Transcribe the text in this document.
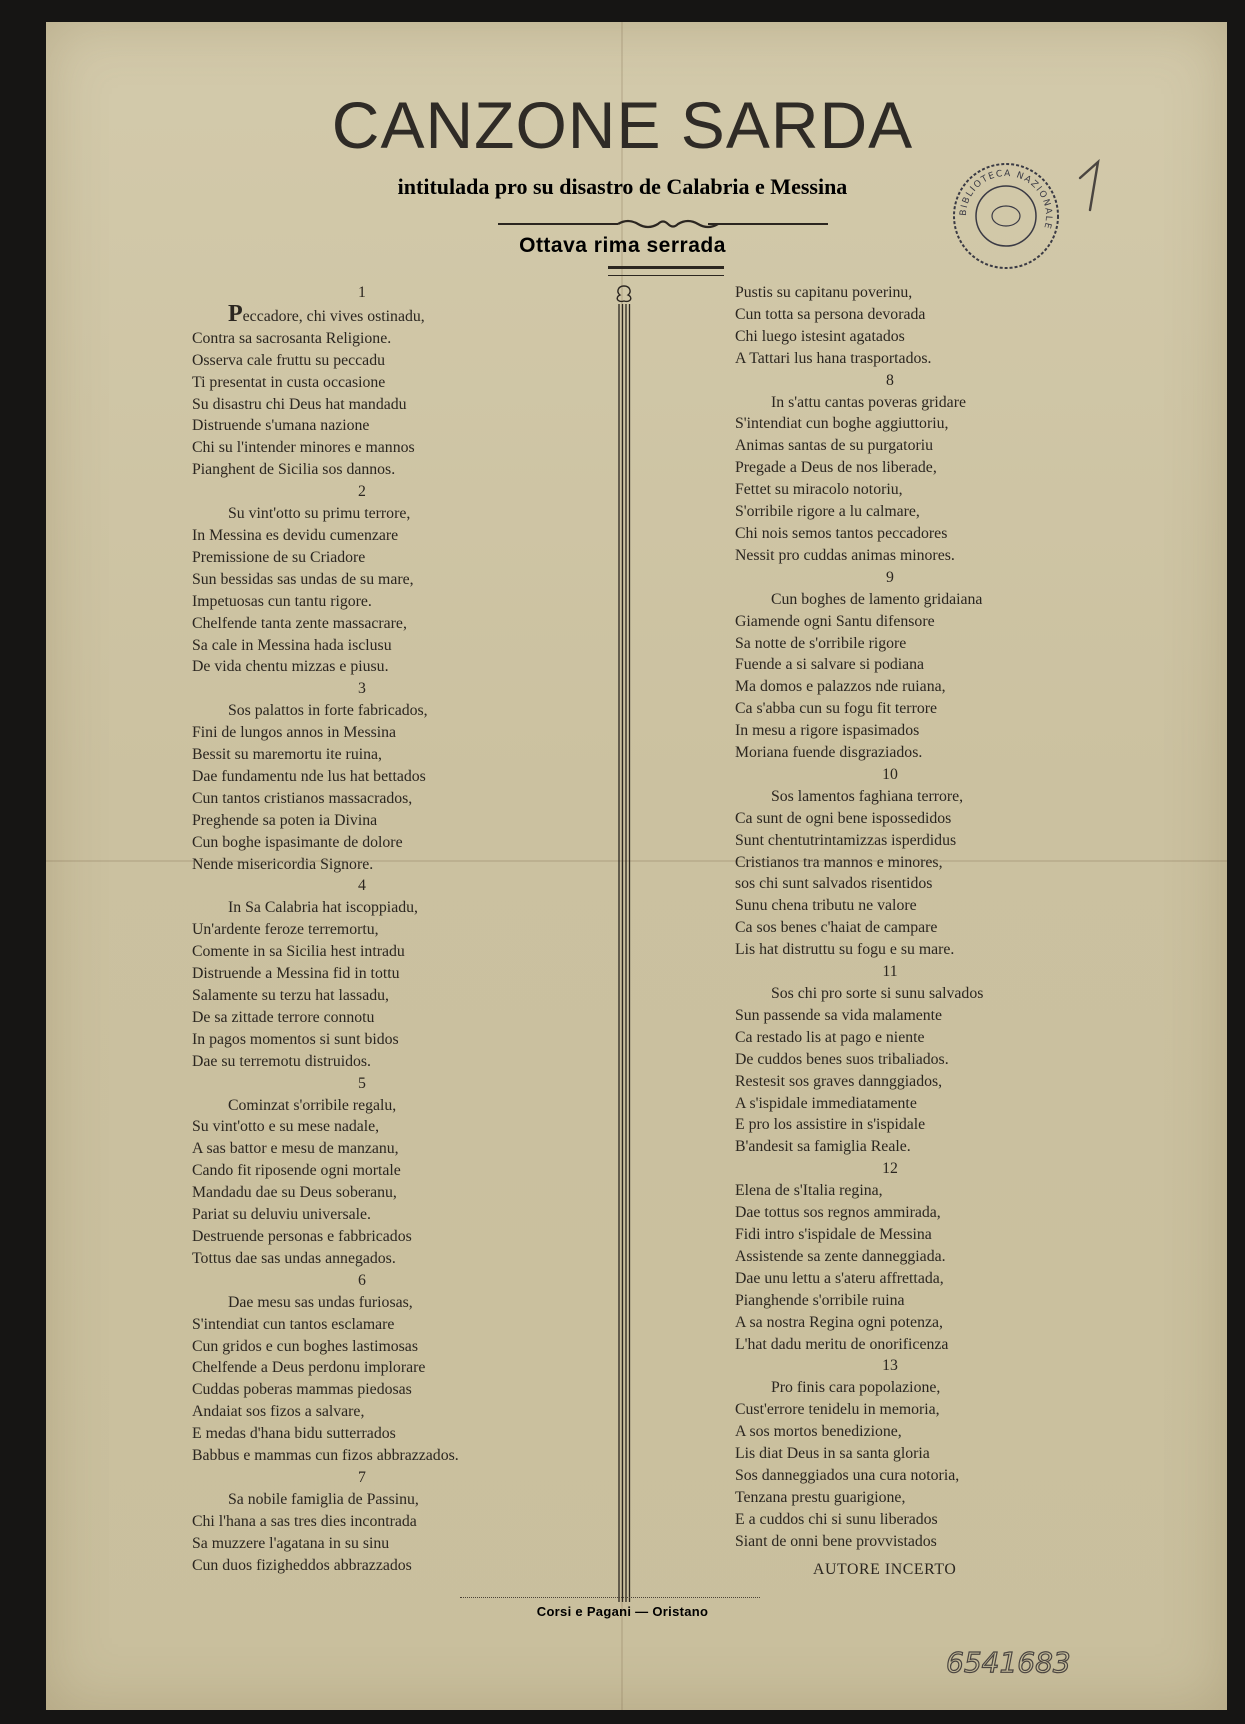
CANZONE SARDA
intitulada pro su disastro de Calabria e Messina
Ottava rima serrada
1
Peccadore, chi vives ostinadu,
Contra sa sacrosanta Religione.
Osserva cale fruttu su peccadu
Ti presentat in custa occasione
Su disastru chi Deus hat mandadu
Distruende s'umana nazione
Chi su l'intender minores e mannos
Pianghent de Sicilia sos dannos.
2
Su vint'otto su primu terrore,
In Messina es devidu cumenzare
Premissione de su Criadore
Sun bessidas sas undas de su mare,
Impetuosas cun tantu rigore.
Chelfende tanta zente massacrare,
Sa cale in Messina hada isclusu
De vida chentu mizzas e piusu.
3
Sos palattos in forte fabricados,
Fini de lungos annos in Messina
Bessit su maremortu ite ruina,
Dae fundamentu nde lus hat bettados
Cun tantos cristianos massacrados,
Preghende sa poten ia Divina
Cun boghe ispasimante de dolore
Nende misericordia Signore.
4
In Sa Calabria hat iscoppiadu,
Un'ardente feroze terremortu,
Comente in sa Sicilia hest intradu
Distruende a Messina fid in tottu
Salamente su terzu hat lassadu,
De sa zittade terrore connotu
In pagos momentos si sunt bidos
Dae su terremotu distruidos.
5
Cominzat s'orribile regalu,
Su vint'otto e su mese nadale,
A sas battor e mesu de manzanu,
Cando fit riposende ogni mortale
Mandadu dae su Deus soberanu,
Pariat su deluviu universale.
Destruende personas e fabbricados
Tottus dae sas undas annegados.
6
Dae mesu sas undas furiosas,
S'intendiat cun tantos esclamare
Cun gridos e cun boghes lastimosas
Chelfende a Deus perdonu implorare
Cuddas poberas mammas piedosas
Andaiat sos fizos a salvare,
E medas d'hana bidu sutterrados
Babbus e mammas cun fizos abbrazzados.
7
Sa nobile famiglia de Passinu,
Chi l'hana a sas tres dies incontrada
Sa muzzere l'agatana in su sinu
Cun duos fizigheddos abbrazzados
Pustis su capitanu poverinu,
Cun totta sa persona devorada
Chi luego istesint agatados
A Tattari lus hana trasportados.
8
In s'attu cantas poveras gridare
S'intendiat cun boghe aggiuttoriu,
Animas santas de su purgatoriu
Pregade a Deus de nos liberade,
Fettet su miracolo notoriu,
S'orribile rigore a lu calmare,
Chi nois semos tantos peccadores
Nessit pro cuddas animas minores.
9
Cun boghes de lamento gridaiana
Giamende ogni Santu difensore
Sa notte de s'orribile rigore
Fuende a si salvare si podiana
Ma domos e palazzos nde ruiana,
Ca s'abba cun su fogu fit terrore
In mesu a rigore ispasimados
Moriana fuende disgraziados.
10
Sos lamentos faghiana terrore,
Ca sunt de ogni bene ispossedidos
Sunt chentutrintamizzas isperdidus
Cristianos tra mannos e minores,
sos chi sunt salvados risentidos
Sunu chena tributu ne valore
Ca sos benes c'haiat de campare
Lis hat distruttu su fogu e su mare.
11
Sos chi pro sorte si sunu salvados
Sun passende sa vida malamente
Ca restado lis at pago e niente
De cuddos benes suos tribaliados.
Restesit sos graves dannggiados,
A s'ispidale immediatamente
E pro los assistire in s'ispidale
B'andesit sa famiglia Reale.
12
Elena de s'Italia regina,
Dae tottus sos regnos ammirada,
Fidi intro s'ispidale de Messina
Assistende sa zente danneggiada.
Dae unu lettu a s'ateru affrettada,
Pianghende s'orribile ruina
A sa nostra Regina ogni potenza,
L'hat dadu meritu de onorificenza
13
Pro finis cara popolazione,
Cust'errore tenidelu in memoria,
A sos mortos benedizione,
Lis diat Deus in sa santa gloria
Sos danneggiados una cura notoria,
Tenzana prestu guarigione,
E a cuddos chi si sunu liberados
Siant de onni bene provvistados
AUTORE INCERTO
Corsi e Pagani — Oristano
BIBLIOTECA NAZIONALE
6541683
